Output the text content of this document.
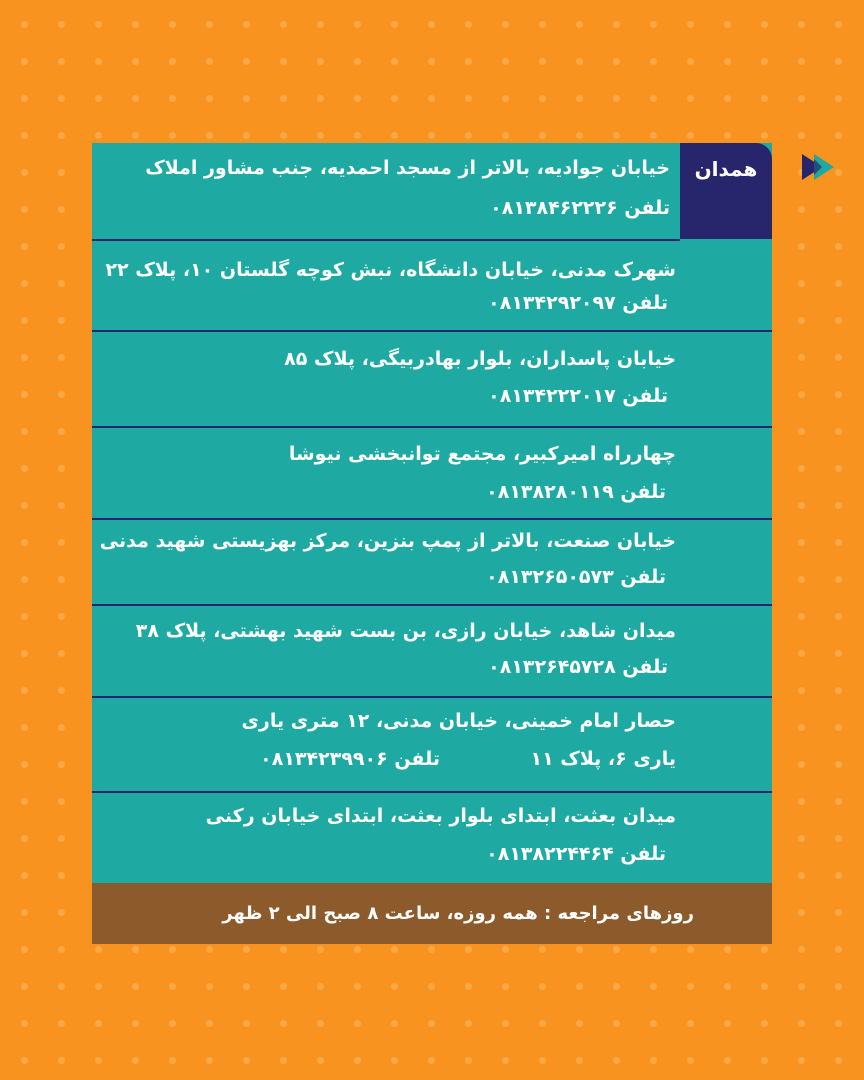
همدان
خیابان جوادیه، بالاتر از مسجد احمدیه، جنب مشاور املاک
تلفن ۰۸۱۳۸۴۶۲۲۲۶
شهرک مدنی، خیابان دانشگاه، نبش کوچه گلستان ۱۰، پلاک ۲۲
تلفن ۰۸۱۳۴۲۹۲۰۹۷
خیابان پاسداران، بلوار بهادربیگی، پلاک ۸۵
تلفن ۰۸۱۳۴۲۲۲۰۱۷
چهارراه امیرکبیر، مجتمع توانبخشی نیوشا
تلفن ۰۸۱۳۸۲۸۰۱۱۹
خیابان صنعت، بالاتر از پمپ بنزین، مرکز بهزیستی شهید مدنی
تلفن ۰۸۱۳۲۶۵۰۵۷۳
میدان شاهد، خیابان رازی، بن بست شهید بهشتی، پلاک ۳۸
تلفن ۰۸۱۳۲۶۴۵۷۲۸
حصار امام خمینی، خیابان مدنی، ۱۲ متری یاری
یاری ۶، پلاک ۱۱
تلفن ۰۸۱۳۴۲۳۹۹۰۶
میدان بعثت، ابتدای بلوار بعثت، ابتدای خیابان رکنی
تلفن ۰۸۱۳۸۲۲۴۴۶۴
روزهای مراجعه : همه روزه، ساعت ۸ صبح الی ۲ ظهر
